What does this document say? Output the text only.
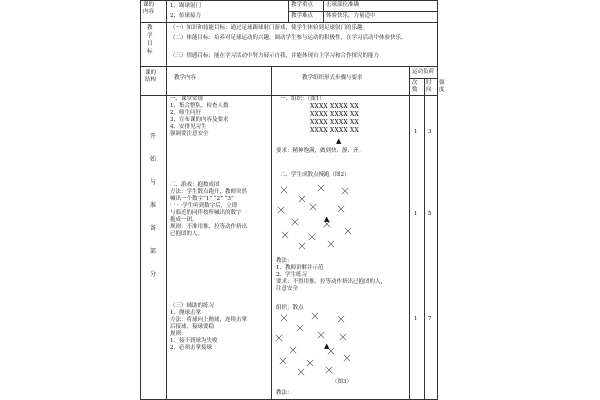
课的
内容
1、踢球射门
2、传球接力
教学重点 击球部位准确
教学难点 体验快乐，力量适中
教
学
目
标
（一）知识和技能目标：通过足球踢球射门游戏，使学生体验到足球射门的乐趣。
（二）体能目标：培养对足球运动的兴趣，调动学生参与运动的积极性，在学习活动中体验快乐。
（三）情感目标：能在学习活动中努力展示自我，并能体现自主学习和合作探究的能力
课的
结构	教学内容	教学组织形式步骤与要求
运动负荷
次数
时间
强度
开
始
与
准
备
部
分
一、课堂常规
1、集合整队，检查人数
2、师生问好
3、宣布课的内容及要求
4、安排见习生
强调要注意安全
二、游戏：抱数成团
方法：学生散点跑开，教师突然
喊出一个数字“1” “2” “3”
· · · ·学生听到数字后，立即
与临近的同伴按所喊出的数字
抱成一团。
规则：不准用推、拉等动作挤出
已抱团的人。
（三）辅助的练习
1、抛球击掌
方法：将球向上抛球，连续击掌
后接球，接球要稳
规则：
1、接不到球为失败
2、必须击掌接球
一、组织：（图1）
XXXX XXXX XX
XXXX XXXX XX
XXXX XXXX XX
XXXX XXXX XX
▲
要求：精神饱满，做到快、静、齐。
二、学生成散点慢跑（图2）
▲
教法：
1、教师讲解并示范
2、学生练习
要求：不得用推、拉等动作挤出已抱团的人，
注意安全
组织：散点
▲
（图3）
教法：
1 3
1 5
1 7
